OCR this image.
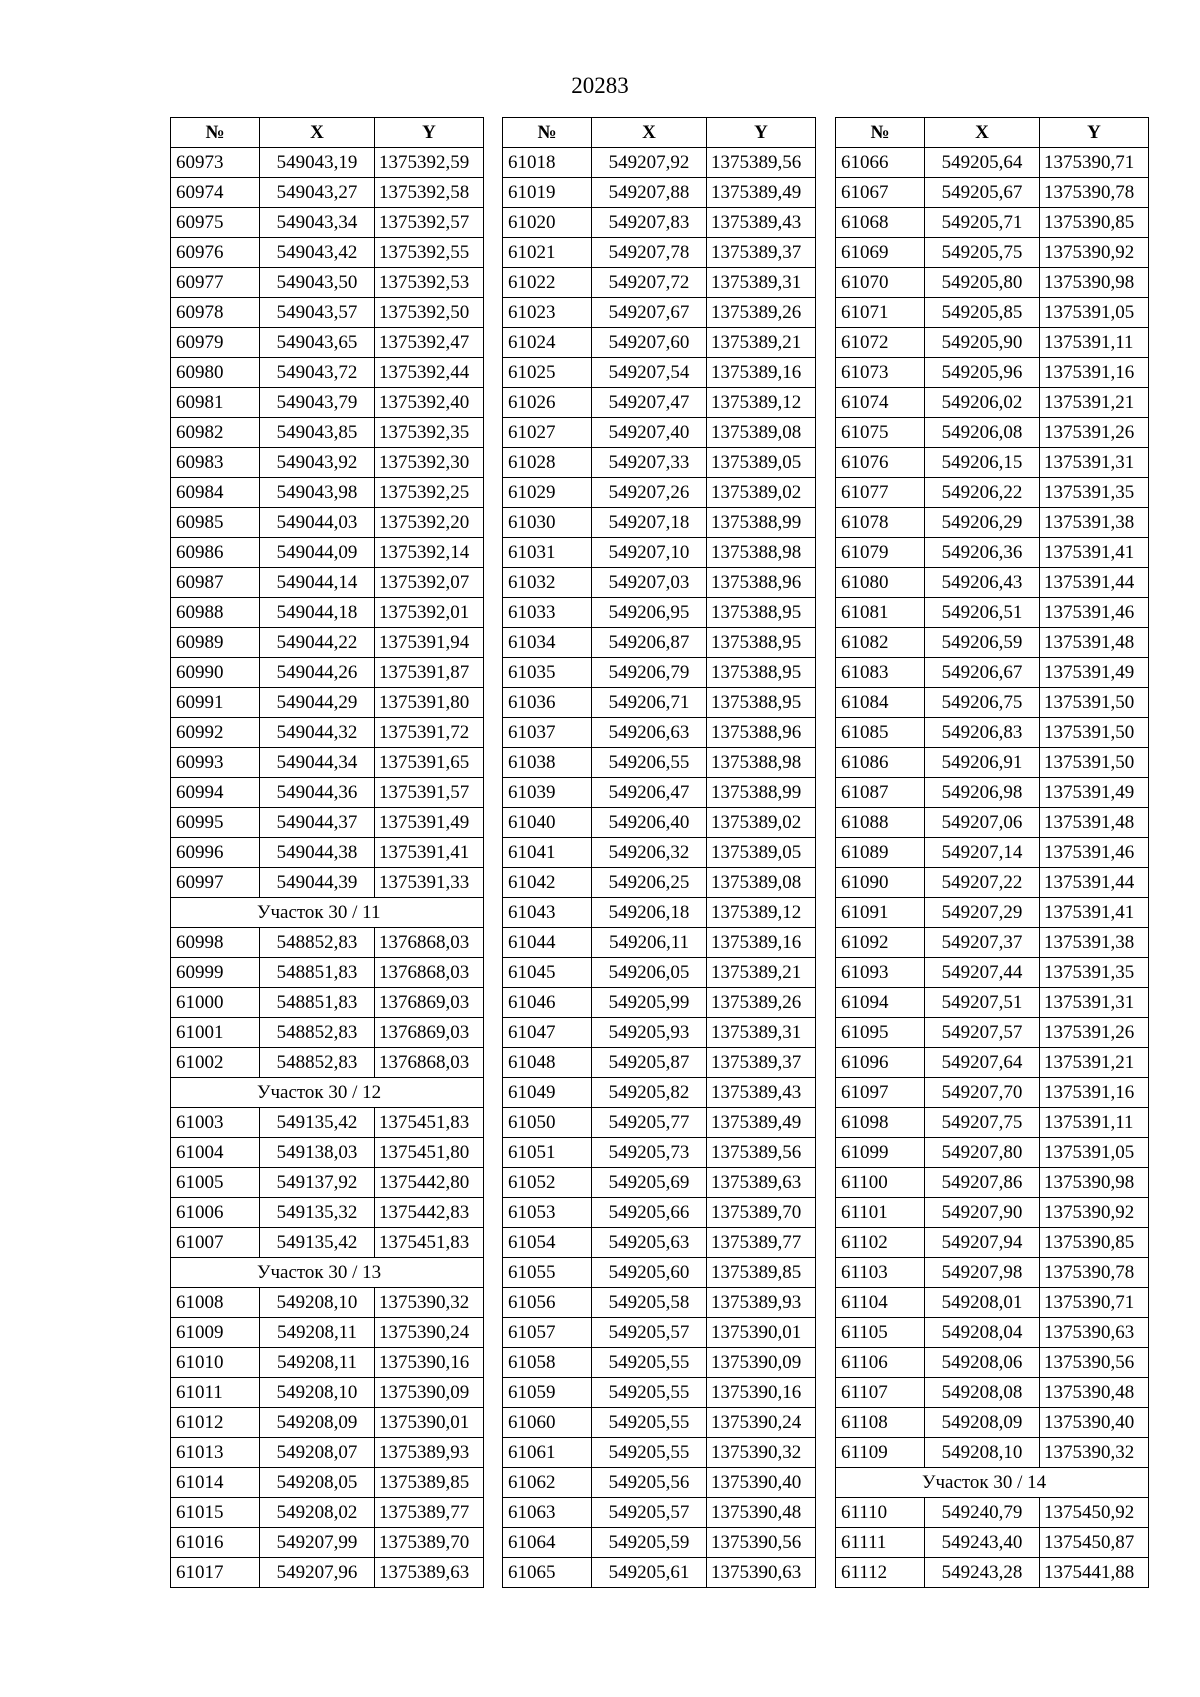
20283
№	X	Y
60973	549043,19	1375392,59
60974	549043,27	1375392,58
60975	549043,34	1375392,57
60976	549043,42	1375392,55
60977	549043,50	1375392,53
60978	549043,57	1375392,50
60979	549043,65	1375392,47
60980	549043,72	1375392,44
60981	549043,79	1375392,40
60982	549043,85	1375392,35
60983	549043,92	1375392,30
60984	549043,98	1375392,25
60985	549044,03	1375392,20
60986	549044,09	1375392,14
60987	549044,14	1375392,07
60988	549044,18	1375392,01
60989	549044,22	1375391,94
60990	549044,26	1375391,87
60991	549044,29	1375391,80
60992	549044,32	1375391,72
60993	549044,34	1375391,65
60994	549044,36	1375391,57
60995	549044,37	1375391,49
60996	549044,38	1375391,41
60997	549044,39	1375391,33
Участок 30 / 11		
60998	548852,83	1376868,03
60999	548851,83	1376868,03
61000	548851,83	1376869,03
61001	548852,83	1376869,03
61002	548852,83	1376868,03
Участок 30 / 12		
61003	549135,42	1375451,83
61004	549138,03	1375451,80
61005	549137,92	1375442,80
61006	549135,32	1375442,83
61007	549135,42	1375451,83
Участок 30 / 13		
61008	549208,10	1375390,32
61009	549208,11	1375390,24
61010	549208,11	1375390,16
61011	549208,10	1375390,09
61012	549208,09	1375390,01
61013	549208,07	1375389,93
61014	549208,05	1375389,85
61015	549208,02	1375389,77
61016	549207,99	1375389,70
61017	549207,96	1375389,63
№	X	Y
61018	549207,92	1375389,56
61019	549207,88	1375389,49
61020	549207,83	1375389,43
61021	549207,78	1375389,37
61022	549207,72	1375389,31
61023	549207,67	1375389,26
61024	549207,60	1375389,21
61025	549207,54	1375389,16
61026	549207,47	1375389,12
61027	549207,40	1375389,08
61028	549207,33	1375389,05
61029	549207,26	1375389,02
61030	549207,18	1375388,99
61031	549207,10	1375388,98
61032	549207,03	1375388,96
61033	549206,95	1375388,95
61034	549206,87	1375388,95
61035	549206,79	1375388,95
61036	549206,71	1375388,95
61037	549206,63	1375388,96
61038	549206,55	1375388,98
61039	549206,47	1375388,99
61040	549206,40	1375389,02
61041	549206,32	1375389,05
61042	549206,25	1375389,08
61043	549206,18	1375389,12
61044	549206,11	1375389,16
61045	549206,05	1375389,21
61046	549205,99	1375389,26
61047	549205,93	1375389,31
61048	549205,87	1375389,37
61049	549205,82	1375389,43
61050	549205,77	1375389,49
61051	549205,73	1375389,56
61052	549205,69	1375389,63
61053	549205,66	1375389,70
61054	549205,63	1375389,77
61055	549205,60	1375389,85
61056	549205,58	1375389,93
61057	549205,57	1375390,01
61058	549205,55	1375390,09
61059	549205,55	1375390,16
61060	549205,55	1375390,24
61061	549205,55	1375390,32
61062	549205,56	1375390,40
61063	549205,57	1375390,48
61064	549205,59	1375390,56
61065	549205,61	1375390,63
№	X	Y
61066	549205,64	1375390,71
61067	549205,67	1375390,78
61068	549205,71	1375390,85
61069	549205,75	1375390,92
61070	549205,80	1375390,98
61071	549205,85	1375391,05
61072	549205,90	1375391,11
61073	549205,96	1375391,16
61074	549206,02	1375391,21
61075	549206,08	1375391,26
61076	549206,15	1375391,31
61077	549206,22	1375391,35
61078	549206,29	1375391,38
61079	549206,36	1375391,41
61080	549206,43	1375391,44
61081	549206,51	1375391,46
61082	549206,59	1375391,48
61083	549206,67	1375391,49
61084	549206,75	1375391,50
61085	549206,83	1375391,50
61086	549206,91	1375391,50
61087	549206,98	1375391,49
61088	549207,06	1375391,48
61089	549207,14	1375391,46
61090	549207,22	1375391,44
61091	549207,29	1375391,41
61092	549207,37	1375391,38
61093	549207,44	1375391,35
61094	549207,51	1375391,31
61095	549207,57	1375391,26
61096	549207,64	1375391,21
61097	549207,70	1375391,16
61098	549207,75	1375391,11
61099	549207,80	1375391,05
61100	549207,86	1375390,98
61101	549207,90	1375390,92
61102	549207,94	1375390,85
61103	549207,98	1375390,78
61104	549208,01	1375390,71
61105	549208,04	1375390,63
61106	549208,06	1375390,56
61107	549208,08	1375390,48
61108	549208,09	1375390,40
61109	549208,10	1375390,32
Участок 30 / 14		
61110	549240,79	1375450,92
61111	549243,40	1375450,87
61112	549243,28	1375441,88
